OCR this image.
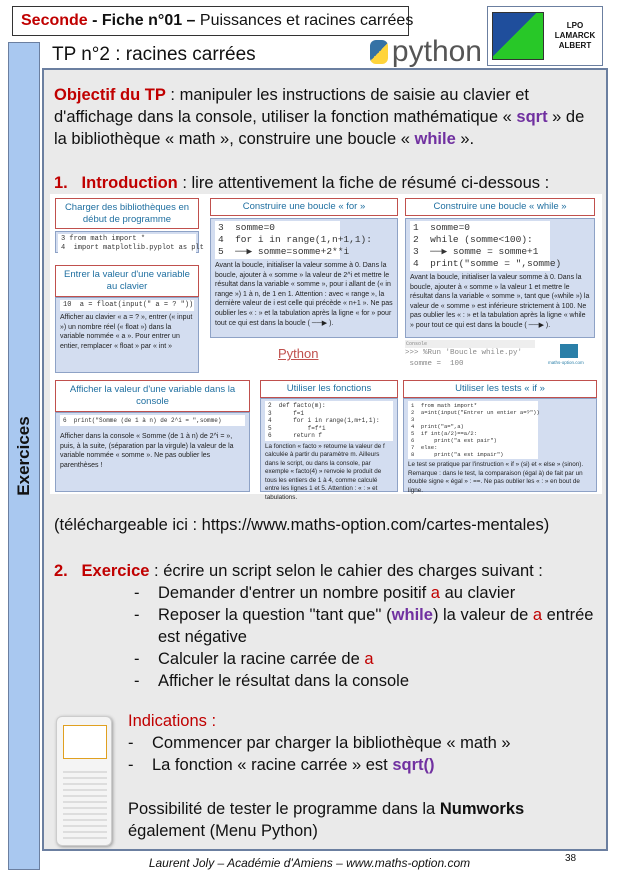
Seconde - Fiche n°01 – Puissances et racines carrées	LPO LAMARCK ALBERT
python
Exercices
TP n°2 : racines carrées
Objectif du TP : manipuler les instructions de saisie au clavier et d'affichage dans la console, utiliser la fonction mathématique « sqrt » de la bibliothèque « math », construire une boucle « while ».
1. Introduction : lire attentivement la fiche de résumé ci-dessous :
Charger des bibliothèques en début de programme
3 from math import *
4  import matplotlib.pyplot as plt
Entrer la valeur d'une variable au clavier
10  a = float(input(" a = ? "))
Afficher au clavier « a = ? », entrer (« input ») un nombre réel (« float ») dans la variable nommée « a ». Pour entrer un entier, remplacer « float » par « int »
Construire une boucle « for »
3  somme=0
4  for i in range(1,n+1,1):
5  ──▶ somme=somme+2**i
Avant la boucle, initialiser la valeur somme à 0. Dans la boucle, ajouter à « somme » la valeur de 2^i et mettre le résultat dans la variable « somme », pour i allant de (« in range ») 1 à n, de 1 en 1. Attention : avec « range », la dernière valeur de i est celle qui précède « n+1 ». Ne pas oublier les « : » et la tabulation après la ligne « for » pour tout ce qui est dans la boucle ( ──▶ ).
Python
Construire une boucle « while »
1  somme=0
2  while (somme<100):
3  ──▶ somme = somme+1
4  print("somme = ",somme)
Avant la boucle, initialiser la valeur somme à 0. Dans la boucle, ajouter à « somme » la valeur 1 et mettre le résultat dans la variable « somme », tant que («while ») la valeur de « somme » est inférieure strictement à 100. Ne pas oublier les « : » et la tabulation après la ligne « while » pour tout ce qui est dans la boucle ( ──▶ ).
Console
>>> %Run 'Boucle while.py'
somme =  100	maths-option.com
Afficher la valeur d'une variable dans la console
6  print("Somme (de 1 à n) de 2^i = ",somme)
Afficher dans la console « Somme (de 1 à n) de 2^i = », puis, à la suite, (séparation par la virgule) la valeur de la variable nommée « somme ». Ne pas oublier les parenthèses !
Utiliser les fonctions
2  def facto(m):
3      f=1
4      for i in range(1,m+1,1):
5          f=f*i
6      return f
La fonction « facto » retourne la valeur de f calculée à partir du paramètre m. Ailleurs dans le script, ou dans la console, par exemple « facto(4) » renvoie le produit de tous les entiers de 1 à 4, comme calculé entre les lignes 1 et 5. Attention : « : » et tabulations.
Utiliser les tests « if »
1  from math import*
2  a=int(input("Entrer un entier a=?"))
3
4  print("a=",a)
5  if int(a/2)==a/2:
6      print("a est pair")
7  else:
8      print("a est impair")
Le test se pratique par l'instruction « if » (si) et « else » (sinon). Remarque : dans le test, la comparaison (égal à) de fait par un double signe « égal » : ==. Ne pas oublier les « : » en bout de ligne.
(téléchargeable ici : https://www.maths-option.com/cartes-mentales)
2. Exercice : écrire un script selon le cahier des charges suivant :
- Demander d'entrer un nombre positif a au clavier
- Reposer la question ''tant que'' (while) la valeur de a entrée est négative
- Calculer la racine carrée de a
- Afficher le résultat dans la console
Indications :
- Commencer par charger la bibliothèque « math »
- La fonction « racine carrée » est sqrt()
Possibilité de tester le programme dans la Numworks
également (Menu Python)
Laurent Joly – Académie d'Amiens – www.maths-option.com	38
